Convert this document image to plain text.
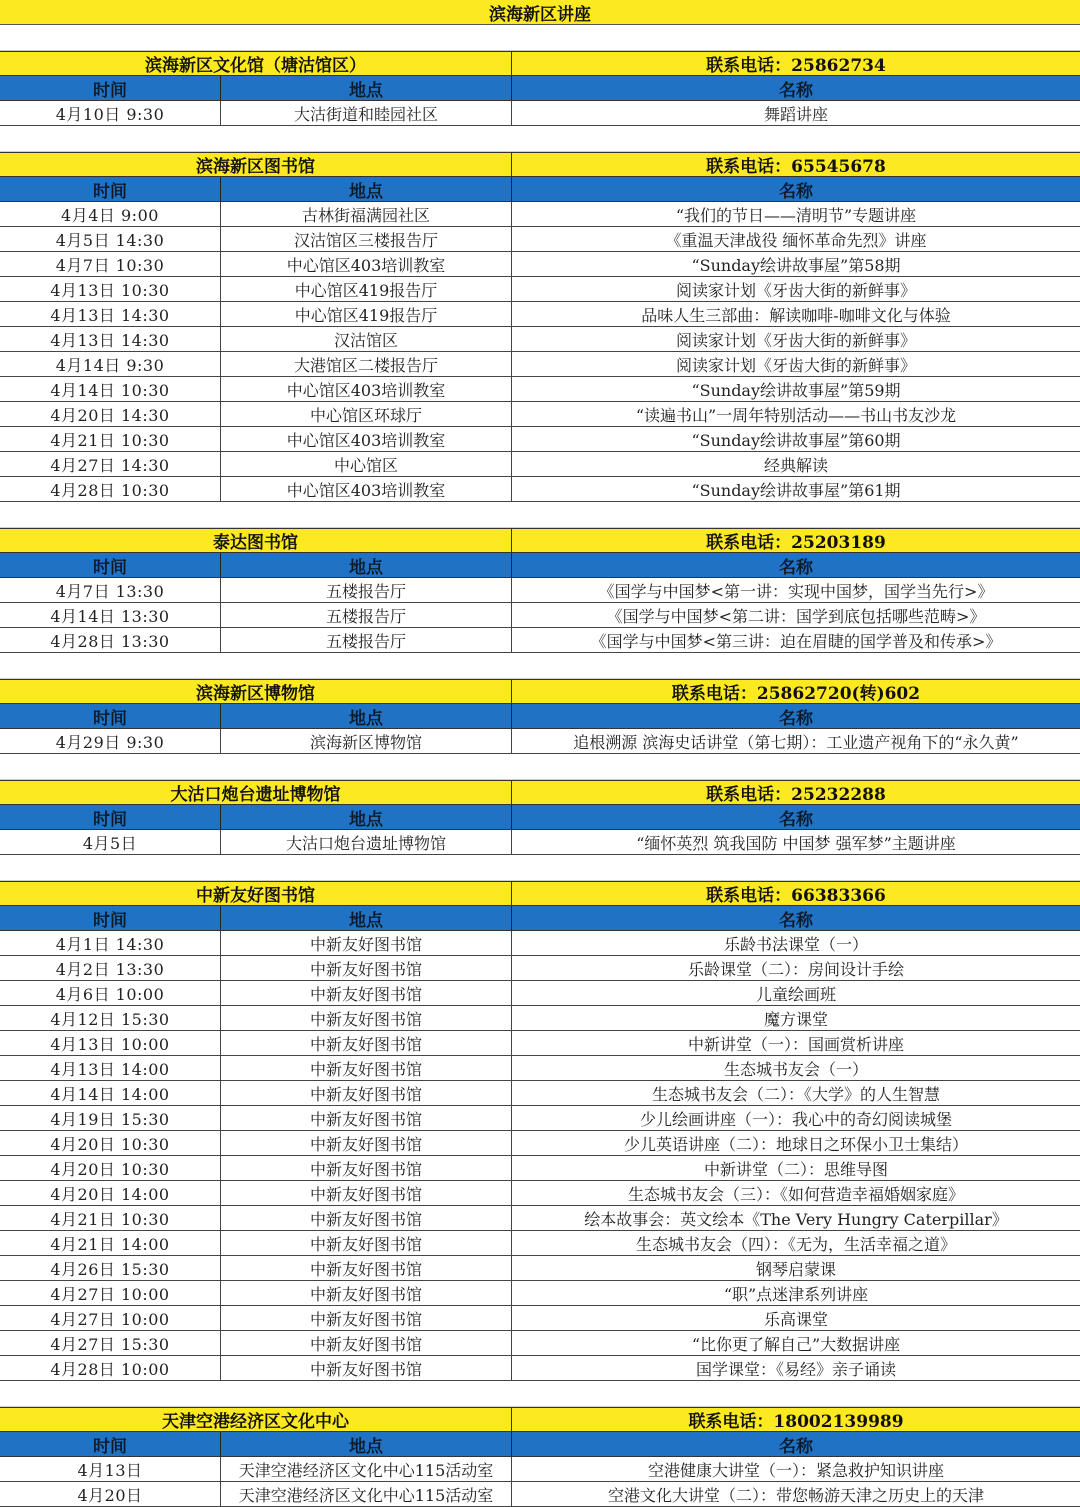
滨海新区讲座
滨海新区文化馆（塘沽馆区）	联系电话：25862734
时间	地点	名称
4月10日 9:30	大沽街道和睦园社区	舞蹈讲座
滨海新区图书馆	联系电话：65545678
时间	地点	名称
4月4日 9:00	古林街福满园社区	“我们的节日——清明节”专题讲座
4月5日 14:30	汉沽馆区三楼报告厅	《重温天津战役 缅怀革命先烈》讲座
4月7日 10:30	中心馆区403培训教室	“Sunday绘讲故事屋”第58期
4月13日 10:30	中心馆区419报告厅	阅读家计划《牙齿大街的新鲜事》
4月13日 14:30	中心馆区419报告厅	品味人生三部曲：解读咖啡-咖啡文化与体验
4月13日 14:30	汉沽馆区	阅读家计划《牙齿大街的新鲜事》
4月14日 9:30	大港馆区二楼报告厅	阅读家计划《牙齿大街的新鲜事》
4月14日 10:30	中心馆区403培训教室	“Sunday绘讲故事屋”第59期
4月20日 14:30	中心馆区环球厅	“读遍书山”一周年特别活动——书山书友沙龙
4月21日 10:30	中心馆区403培训教室	“Sunday绘讲故事屋”第60期
4月27日 14:30	中心馆区	经典解读
4月28日 10:30	中心馆区403培训教室	“Sunday绘讲故事屋”第61期
泰达图书馆	联系电话：25203189
时间	地点	名称
4月7日 13:30	五楼报告厅	《国学与中国梦<第一讲：实现中国梦，国学当先行>》
4月14日 13:30	五楼报告厅	《国学与中国梦<第二讲：国学到底包括哪些范畴>》
4月28日 13:30	五楼报告厅	《国学与中国梦<第三讲：迫在眉睫的国学普及和传承>》
滨海新区博物馆	联系电话：25862720(转)602
时间	地点	名称
4月29日 9:30	滨海新区博物馆	追根溯源 滨海史话讲堂（第七期）：工业遗产视角下的“永久黄”
大沽口炮台遗址博物馆	联系电话：25232288
时间	地点	名称
4月5日	大沽口炮台遗址博物馆	“缅怀英烈 筑我国防 中国梦 强军梦”主题讲座
中新友好图书馆	联系电话：66383366
时间	地点	名称
4月1日 14:30	中新友好图书馆	乐龄书法课堂（一）
4月2日 13:30	中新友好图书馆	乐龄课堂（二）：房间设计手绘
4月6日 10:00	中新友好图书馆	儿童绘画班
4月12日 15:30	中新友好图书馆	魔方课堂
4月13日 10:00	中新友好图书馆	中新讲堂（一）：国画赏析讲座
4月13日 14:00	中新友好图书馆	生态城书友会（一）
4月14日 14:00	中新友好图书馆	生态城书友会（二）：《大学》的人生智慧
4月19日 15:30	中新友好图书馆	少儿绘画讲座（一）：我心中的奇幻阅读城堡
4月20日 10:30	中新友好图书馆	少儿英语讲座（二）：地球日之环保小卫士集结）
4月20日 10:30	中新友好图书馆	中新讲堂（二）：思维导图
4月20日 14:00	中新友好图书馆	生态城书友会（三）：《如何营造幸福婚姻家庭》
4月21日 10:30	中新友好图书馆	绘本故事会：英文绘本《The Very Hungry Caterpillar》
4月21日 14:00	中新友好图书馆	生态城书友会（四）：《无为，生活幸福之道》
4月26日 15:30	中新友好图书馆	钢琴启蒙课
4月27日 10:00	中新友好图书馆	“职”点迷津系列讲座
4月27日 10:00	中新友好图书馆	乐高课堂
4月27日 15:30	中新友好图书馆	“比你更了解自己”大数据讲座
4月28日 10:00	中新友好图书馆	国学课堂：《易经》亲子诵读
天津空港经济区文化中心	联系电话：18002139989
时间	地点	名称
4月13日	天津空港经济区文化中心115活动室	空港健康大讲堂（一）：紧急救护知识讲座
4月20日	天津空港经济区文化中心115活动室	空港文化大讲堂（二）：带您畅游天津之历史上的天津
